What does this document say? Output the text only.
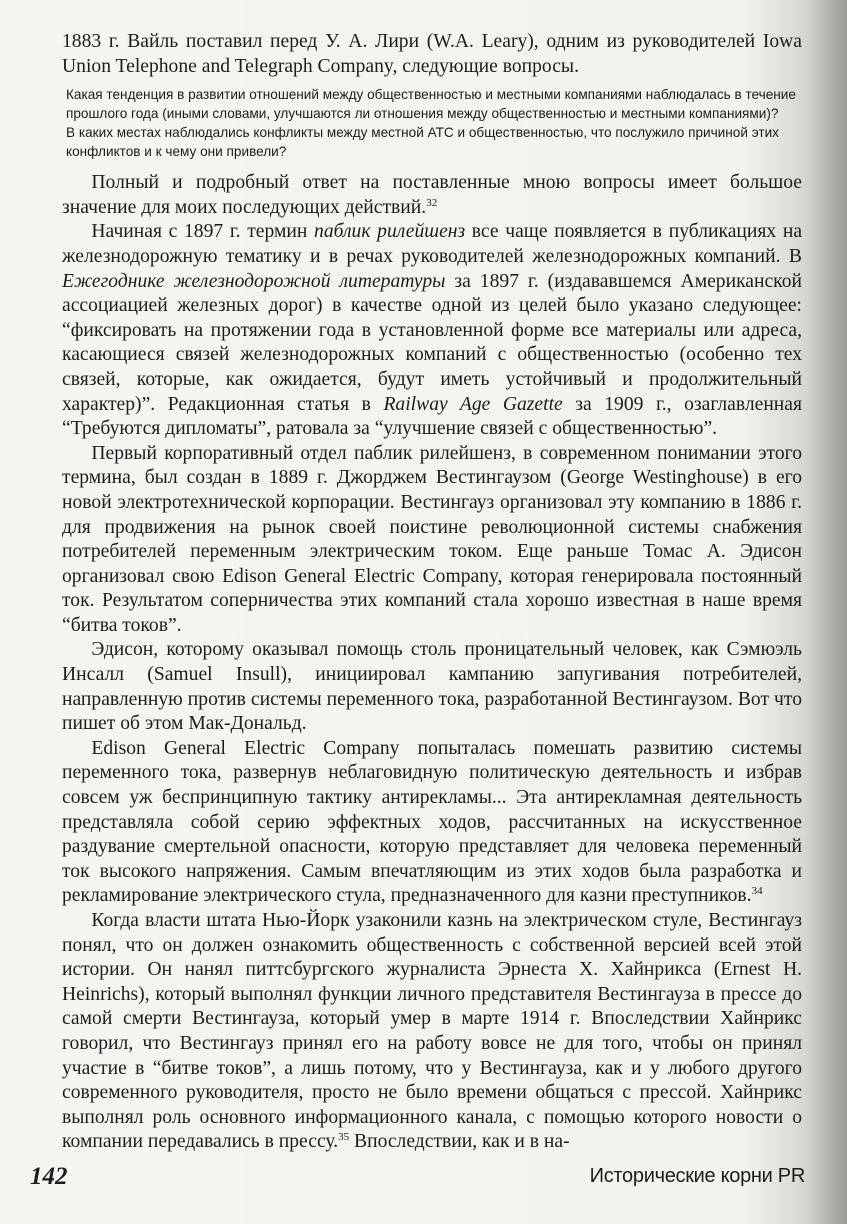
1883 г. Вайль поставил перед У. А. Лири (W.A. Leary), одним из руководителей Iowa Union Telephone and Telegraph Company, следующие вопросы.

Какая тенденция в развитии отношений между общественностью и местными компаниями наблюдалась в течение прошлого года (иными словами, улучшаются ли отношения между общественностью и местными компаниями)?

В каких местах наблюдались конфликты между местной АТС и общественностью, что послужило причиной этих конфликтов и к чему они привели?

Полный и подробный ответ на поставленные мною вопросы имеет большое значение для моих последующих действий.$^{32}$

Начиная с 1897 г. термин паблик рилейшенз все чаще появляется в публикациях на железнодорожную тематику и в речах руководителей железнодорожных компаний. В Ежегоднике железнодорожной литературы за 1897 г. (издававшемся Американской ассоциацией железных дорог) в качестве одной из целей было указано следующее: “фиксировать на протяжении года в установленной форме все материалы или адреса, касающиеся связей железнодорожных компаний с общественностью (особенно тех связей, которые, как ожидается, будут иметь устойчивый и продолжительный характер)”. Редакционная статья в Railway Age Gazette за 1909 г., озаглавленная “Требуются дипломаты”, ратовала за “улучшение связей с общественностью”.

Первый корпоративный отдел паблик рилейшенз, в современном понимании этого термина, был создан в 1889 г. Джорджем Вестингаузом (George Westinghouse) в его новой электротехнической корпорации. Вестингауз организовал эту компанию в 1886 г. для продвижения на рынок своей поистине революционной системы снабжения потребителей переменным электрическим током. Еще раньше Томас А. Эдисон организовал свою Edison General Electric Company, которая генерировала постоянный ток. Результатом соперничества этих компаний стала хорошо известная в наше время “битва токов”.

Эдисон, которому оказывал помощь столь проницательный человек, как Сэмюэль Инсалл (Samuel Insull), инициировал кампанию запугивания потребителей, направленную против системы переменного тока, разработанной Вестингаузом. Вот что пишет об этом Мак-Дональд.

Edison General Electric Company попыталась помешать развитию системы переменного тока, развернув неблаговидную политическую деятельность и избрав совсем уж беспринципную тактику антирекламы... Эта антирекламная деятельность представляла собой серию эффектных ходов, рассчитанных на искусственное раздувание смертельной опасности, которую представляет для человека переменный ток высокого напряжения. Самым впечатляющим из этих ходов была разработка и рекламирование электрического стула, предназначенного для казни преступников.$^{34}$

Когда власти штата Нью-Йорк узаконили казнь на электрическом стуле, Вестингауз понял, что он должен ознакомить общественность с собственной версией всей этой истории. Он нанял питтсбургского журналиста Эрнеста Х. Хайнрикса (Ernest H. Heinrichs), который выполнял функции личного представителя Вестингауза в прессе до самой смерти Вестингауза, который умер в марте 1914 г. Впоследствии Хайнрикс говорил, что Вестингауз принял его на работу вовсе не для того, чтобы он принял участие в “битве токов”, а лишь потому, что у Вестингауза, как и у любого другого современного руководителя, просто не было времени общаться с прессой. Хайнрикс выполнял роль основного информационного канала, с помощью которого новости о компании передавались в прессу.$^{35}$ Впоследствии, как и в на-

142	Исторические корни PR
